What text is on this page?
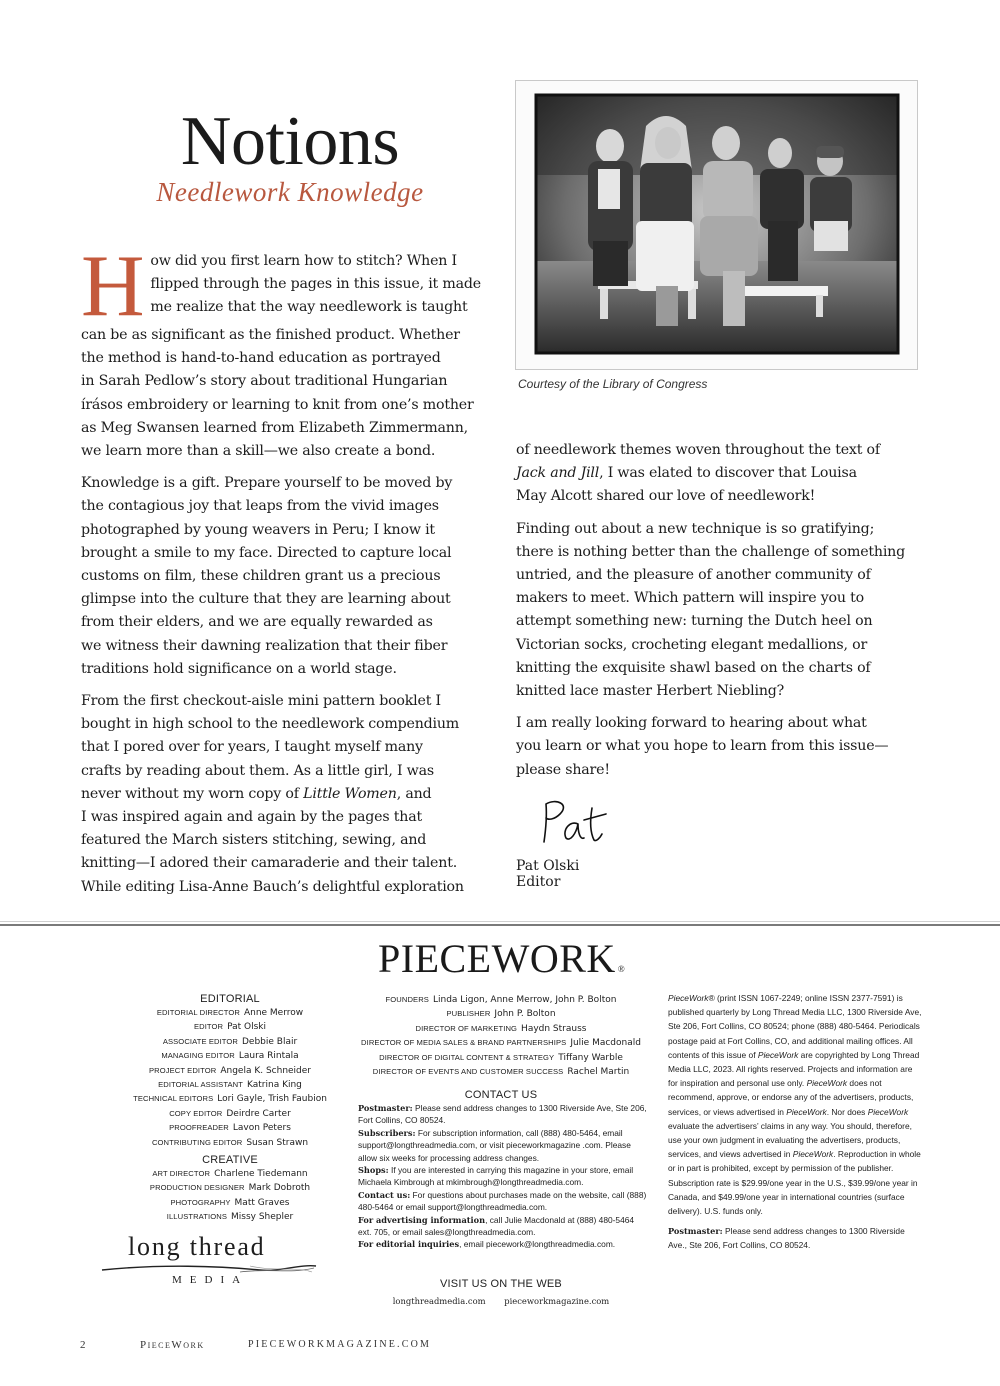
Notions
Needlework Knowledge

H ow did you first learn how to stitch? When I
flipped through the pages in this issue, it made
me realize that the way needlework is taught
can be as significant as the finished product. Whether
the method is hand-to-hand education as portrayed
in Sarah Pedlow’s story about traditional Hungarian
írásos embroidery or learning to knit from one’s mother
as Meg Swansen learned from Elizabeth Zimmermann,
we learn more than a skill—we also create a bond.

Knowledge is a gift. Prepare yourself to be moved by
the contagious joy that leaps from the vivid images
photographed by young weavers in Peru; I know it
brought a smile to my face. Directed to capture local
customs on film, these children grant us a precious
glimpse into the culture that they are learning about
from their elders, and we are equally rewarded as
we witness their dawning realization that their fiber
traditions hold significance on a world stage.

From the first checkout-aisle mini pattern booklet I
bought in high school to the needlework compendium
that I pored over for years, I taught myself many
crafts by reading about them. As a little girl, I was
never without my worn copy of Little Women, and
I was inspired again and again by the pages that
featured the March sisters stitching, sewing, and
knitting—I adored their camaraderie and their talent.
While editing Lisa-Anne Bauch’s delightful exploration

Courtesy of the Library of Congress

of needlework themes woven throughout the text of
Jack and Jill, I was elated to discover that Louisa
May Alcott shared our love of needlework!

Finding out about a new technique is so gratifying;
there is nothing better than the challenge of something
untried, and the pleasure of another community of
makers to meet. Which pattern will inspire you to
attempt something new: turning the Dutch heel on
Victorian socks, crocheting elegant medallions, or
knitting the exquisite shawl based on the charts of
knitted lace master Herbert Niebling?

I am really looking forward to hearing about what
you learn or what you hope to learn from this issue—
please share!

Pat Olski
Editor
PIECEWORK ®
EDITORIAL
EDITORIAL DIRECTOR Anne Merrow
EDITOR Pat Olski
ASSOCIATE EDITOR Debbie Blair
MANAGING EDITOR Laura Rintala
PROJECT EDITOR Angela K. Schneider
EDITORIAL ASSISTANT Katrina King
TECHNICAL EDITORS Lori Gayle, Trish Faubion
COPY EDITOR Deirdre Carter
PROOFREADER Lavon Peters
CONTRIBUTING EDITOR Susan Strawn
CREATIVE
ART DIRECTOR Charlene Tiedemann
PRODUCTION DESIGNER Mark Dobroth
PHOTOGRAPHY Matt Graves
ILLUSTRATIONS Missy Shepler
long thread
MEDIA
FOUNDERS Linda Ligon, Anne Merrow, John P. Bolton
PUBLISHER John P. Bolton
DIRECTOR OF MARKETING Haydn Strauss
DIRECTOR OF MEDIA SALES & BRAND PARTNERSHIPS Julie Macdonald
DIRECTOR OF DIGITAL CONTENT & STRATEGY Tiffany Warble
DIRECTOR OF EVENTS AND CUSTOMER SUCCESS Rachel Martin
CONTACT US

Postmaster: Please send address changes to 1300 Riverside Ave, Ste 206, Fort Collins, CO 80524.

Subscribers: For subscription information, call (888) 480-5464, email support@longthreadmedia.com, or visit pieceworkmagazine .com. Please allow six weeks for processing address changes.

Shops: If you are interested in carrying this magazine in your store, email Michaela Kimbrough at mkimbrough@longthreadmedia.com.

Contact us: For questions about purchases made on the website, call (888) 480-5464 or email support@longthreadmedia.com.

For advertising information, call Julie Macdonald at (888) 480-5464 ext. 705, or email sales@longthreadmedia.com.

For editorial inquiries, email piecework@longthreadmedia.com.

VISIT US ON THE WEB
longthreadmedia.com pieceworkmagazine.com

PieceWork® (print ISSN 1067-2249; online ISSN 2377-7591) is published quarterly by Long Thread Media LLC, 1300 Riverside Ave, Ste 206, Fort Collins, CO 80524; phone (888) 480-5464. Periodicals postage paid at Fort Collins, CO, and additional mailing offices. All contents of this issue of PieceWork are copyrighted by Long Thread Media LLC, 2023. All rights reserved. Projects and information are for inspiration and personal use only. PieceWork does not recommend, approve, or endorse any of the advertisers, products, services, or views advertised in PieceWork. Nor does PieceWork evaluate the advertisers’ claims in any way. You should, therefore, use your own judgment in evaluating the advertisers, products, services, and views advertised in PieceWork. Reproduction in whole or in part is prohibited, except by permission of the publisher. Subscription rate is $29.99/one year in the U.S., $39.99/one year in Canada, and $49.99/one year in international countries (surface delivery). U.S. funds only.

Postmaster: Please send address changes to 1300 Riverside Ave., Ste 206, Fort Collins, CO 80524.

2	PieceWork	PIECEWORKMAGAZINE.COM
